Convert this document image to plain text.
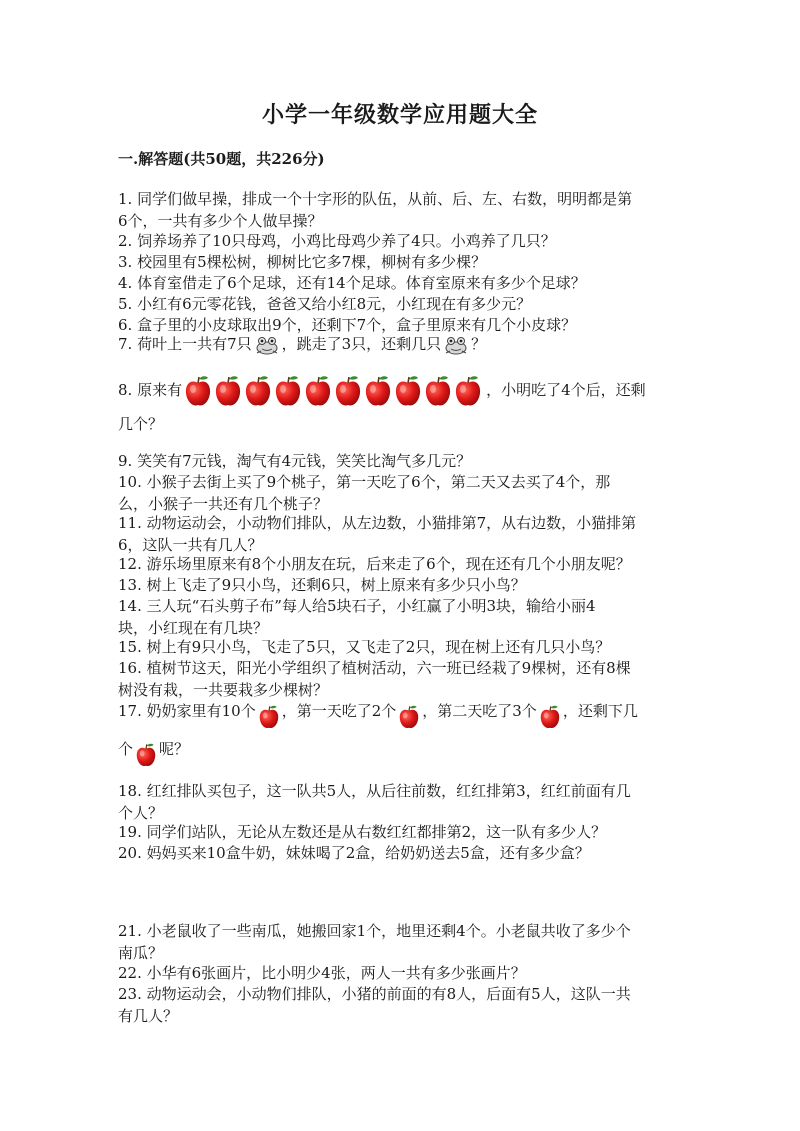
小学一年级数学应用题大全
一.解答题(共50题，共226分)
1. 同学们做早操，排成一个十字形的队伍，从前、后、左、右数，明明都是第
6个，一共有多少个人做早操？
2. 饲养场养了10只母鸡，小鸡比母鸡少养了4只。小鸡养了几只？
3. 校园里有5棵松树，柳树比它多7棵，柳树有多少棵？
4. 体育室借走了6个足球，还有14个足球。体育室原来有多少个足球？
5. 小红有6元零花钱，爸爸又给小红8元，小红现在有多少元？
6. 盒子里的小皮球取出9个，还剩下7个，盒子里原来有几个小皮球？
7. 荷叶上一共有7只 ，跳走了3只，还剩几只 ？
8. 原来有	，小明吃了4个后，还剩
几个？
9. 笑笑有7元钱，淘气有4元钱，笑笑比淘气多几元？
10. 小猴子去街上买了9个桃子，第一天吃了6个，第二天又去买了4个，那
么，小猴子一共还有几个桃子？
11. 动物运动会，小动物们排队，从左边数，小猫排第7，从右边数，小猫排第
6，这队一共有几人？
12. 游乐场里原来有8个小朋友在玩，后来走了6个，现在还有几个小朋友呢？
13. 树上飞走了9只小鸟，还剩6只，树上原来有多少只小鸟？
14. 三人玩“石头剪子布”每人给5块石子，小红赢了小明3块，输给小丽4
块，小红现在有几块？
15. 树上有9只小鸟，飞走了5只，又飞走了2只，现在树上还有几只小鸟？
16. 植树节这天，阳光小学组织了植树活动，六一班已经栽了9棵树，还有8棵
树没有栽，一共要栽多少棵树？
17. 奶奶家里有10个 ，第一天吃了2个 ，第二天吃了3个 ，还剩下几
个 呢？
18. 红红排队买包子，这一队共5人，从后往前数，红红排第3，红红前面有几
个人？
19. 同学们站队，无论从左数还是从右数红红都排第2，这一队有多少人？
20. 妈妈买来10盒牛奶，妹妹喝了2盒，给奶奶送去5盒，还有多少盒？
21. 小老鼠收了一些南瓜，她搬回家1个，地里还剩4个。小老鼠共收了多少个
南瓜？
22. 小华有6张画片，比小明少4张，两人一共有多少张画片？
23. 动物运动会，小动物们排队，小猪的前面的有8人，后面有5人，这队一共
有几人？
